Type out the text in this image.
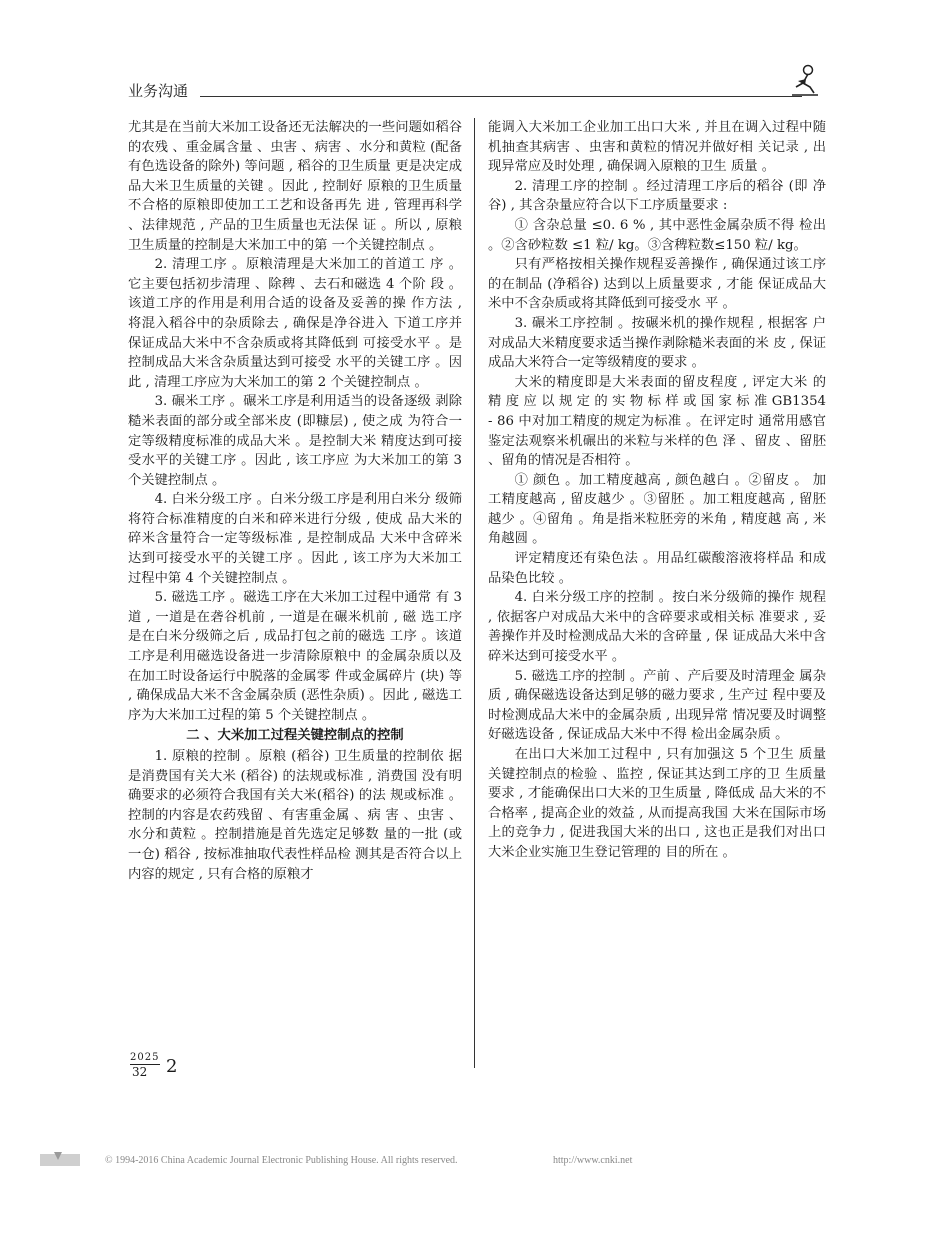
业务沟通

尤其是在当前大米加工设备还无法解决的一些问题如稻谷的农残 、重金属含量 、虫害 、病害 、水分和黄粒 (配备有色选设备的除外) 等问题 , 稻谷的卫生质量 更是决定成品大米卫生质量的关键 。因此 , 控制好 原粮的卫生质量不合格的原粮即使加工工艺和设备再先 进 , 管理再科学 、法律规范 , 产品的卫生质量也无法保 证 。所以 , 原粮卫生质量的控制是大米加工中的第 一个关键控制点 。

2. 清理工序 。原粮清理是大米加工的首道工 序 。它主要包括初步清理 、除稗 、去石和磁选 4 个阶 段 。该道工序的作用是利用合适的设备及妥善的操 作方法 , 将混入稻谷中的杂质除去 , 确保是净谷进入 下道工序并保证成品大米中不含杂质或将其降低到 可接受水平 。是控制成品大米含杂质量达到可接受 水平的关键工序 。因此 , 清理工序应为大米加工的第 2 个关键控制点 。

3. 碾米工序 。碾米工序是利用适当的设备逐级 剥除糙米表面的部分或全部米皮 (即糠层) , 使之成 为符合一定等级精度标准的成品大米 。是控制大米 精度达到可接受水平的关键工序 。因此 , 该工序应 为大米加工的第 3 个关键控制点 。

4. 白米分级工序 。白米分级工序是利用白米分 级筛将符合标准精度的白米和碎米进行分级 , 使成 品大米的碎米含量符合一定等级标准 , 是控制成品 大米中含碎米达到可接受水平的关键工序 。因此 , 该工序为大米加工过程中第 4 个关键控制点 。

5. 磁选工序 。磁选工序在大米加工过程中通常 有 3 道 , 一道是在砻谷机前 , 一道是在碾米机前 , 磁 选工序是在白米分级筛之后 , 成品打包之前的磁选 工序 。该道工序是利用磁选设备进一步清除原粮中 的金属杂质以及在加工时设备运行中脱落的金属零 件或金属碎片 (块) 等 , 确保成品大米不含金属杂质 (恶性杂质) 。因此 , 磁选工序为大米加工过程的第 5 个关键控制点 。

二 、大米加工过程关键控制点的控制

1. 原粮的控制 。原粮 (稻谷) 卫生质量的控制依 据是消费国有关大米 (稻谷) 的法规或标准 , 消费国 没有明确要求的必须符合我国有关大米(稻谷) 的法 规或标准 。控制的内容是农药残留 、有害重金属 、病 害 、虫害 、水分和黄粒 。控制措施是首先选定足够数 量的一批 (或一仓) 稻谷 , 按标准抽取代表性样品检 测其是否符合以上内容的规定 , 只有合格的原粮才

能调入大米加工企业加工出口大米 , 并且在调入过程中随机抽查其病害 、虫害和黄粒的情况并做好相 关记录 , 出现异常应及时处理 , 确保调入原粮的卫生 质量 。

2. 清理工序的控制 。经过清理工序后的稻谷 (即 净谷) , 其含杂量应符合以下工序质量要求 :

① 含杂总量 ≤0. 6 % , 其中恶性金属杂质不得 检出 。②含砂粒数 ≤1 粒/ kg。③含稗粒数≤150 粒/ kg。

只有严格按相关操作规程妥善操作 , 确保通过该工序的在制品 (净稻谷) 达到以上质量要求 , 才能 保证成品大米中不含杂质或将其降低到可接受水 平 。

3. 碾米工序控制 。按碾米机的操作规程 , 根据客 户对成品大米精度要求适当操作剥除糙米表面的米 皮 , 保证成品大米符合一定等级精度的要求 。

大米的精度即是大米表面的留皮程度 , 评定大米 的 精 度 应 以 规 定 的 实 物 标 样 或 国 家 标 准 GB1354 - 86 中对加工精度的规定为标准 。在评定时 通常用感官鉴定法观察米机碾出的米粒与米样的色 泽 、留皮 、留胚 、留角的情况是否相符 。

① 颜色 。加工精度越高 , 颜色越白 。②留皮 。 加工精度越高 , 留皮越少 。③留胚 。加工粗度越高 , 留胚越少 。④留角 。角是指米粒胚旁的米角 , 精度越 高 , 米角越圆 。

评定精度还有染色法 。用品红碳酸溶液将样品 和成品染色比较 。

4. 白米分级工序的控制 。按白米分级筛的操作 规程 , 依据客户对成品大米中的含碎要求或相关标 准要求 , 妥善操作并及时检测成品大米的含碎量 , 保 证成品大米中含碎米达到可接受水平 。

5. 磁选工序的控制 。产前 、产后要及时清理金 属杂质 , 确保磁选设备达到足够的磁力要求 , 生产过 程中要及时检测成品大米中的金属杂质 , 出现异常 情况要及时调整好磁选设备 , 保证成品大米中不得 检出金属杂质 。

在出口大米加工过程中 , 只有加强这 5 个卫生 质量关键控制点的检验 、监控 , 保证其达到工序的卫 生质量要求 , 才能确保出口大米的卫生质量 , 降低成 品大米的不合格率 , 提高企业的效益 , 从而提高我国 大米在国际市场上的竞争力 , 促进我国大米的出口 , 这也正是我们对出口大米企业实施卫生登记管理的 目的所在 。

2025
32 2
© 1994-2016 China Academic Journal Electronic Publishing House. All rights reserved.	http://www.cnki.net
